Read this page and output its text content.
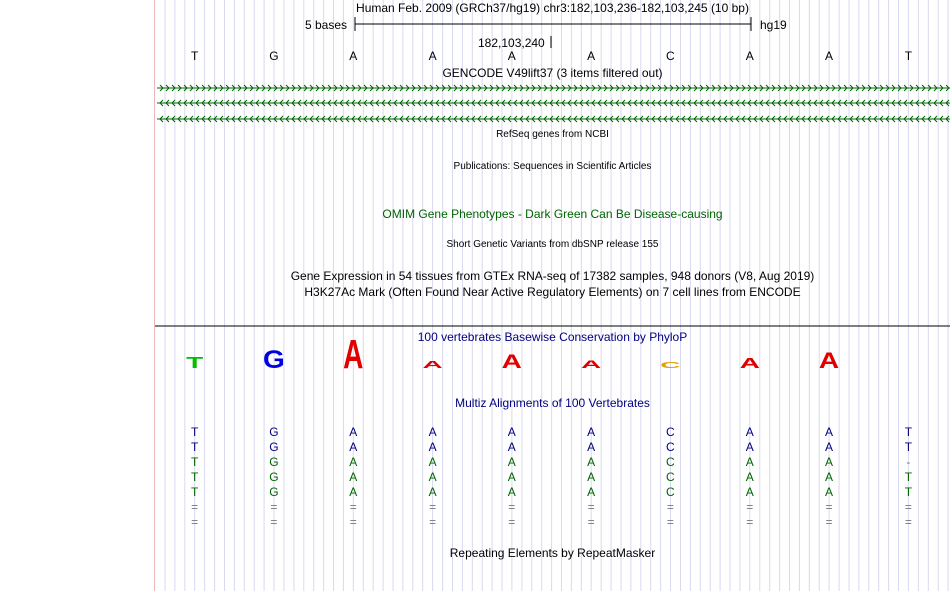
T G A A A A C A A
Human Feb. 2009 (GRCh37/hg19) chr3:182,103,236-182,103,245 (10 bp)
5 bases	hg19
182,103,240
T	G	A	A	A	A	C	A	A	T
GENCODE V49lift37 (3 items filtered out)
RefSeq genes from NCBI
Publications: Sequences in Scientific Articles
OMIM Gene Phenotypes - Dark Green Can Be Disease-causing
Short Genetic Variants from dbSNP release 155
Gene Expression in 54 tissues from GTEx RNA-seq of 17382 samples, 948 donors (V8, Aug 2019)
H3K27Ac Mark (Often Found Near Active Regulatory Elements) on 7 cell lines from ENCODE
100 vertebrates Basewise Conservation by PhyloP
Multiz Alignments of 100 Vertebrates
Repeating Elements by RepeatMasker
T	G	A	A	A	A	C	A	A	T
T	G	A	A	A	A	C	A	A	T
T	G	A	A	A	A	C	A	A	-
T	G	A	A	A	A	C	A	A	T
T	G	A	A	A	A	C	A	A	T
=	=	=	=	=	=	=	=	=	=
=	=	=	=	=	=	=	=	=	=
